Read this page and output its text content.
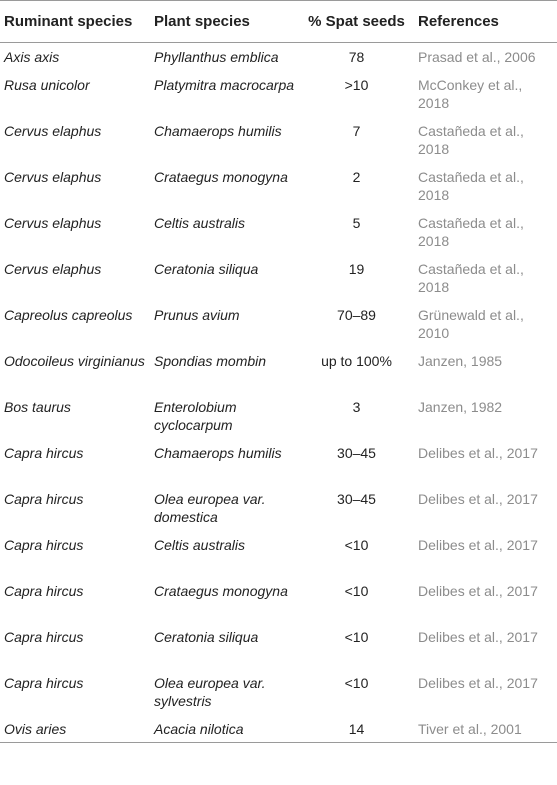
Ruminant species	Plant species	% Spat seeds	References
Axis axis	Phyllanthus emblica	78	Prasad et al., 2006
Rusa unicolor	Platymitra macrocarpa	>10	McConkey et al., 2018
Cervus elaphus	Chamaerops humilis	7	Castañeda et al., 2018
Cervus elaphus	Crataegus monogyna	2	Castañeda et al., 2018
Cervus elaphus	Celtis australis	5	Castañeda et al., 2018
Cervus elaphus	Ceratonia siliqua	19	Castañeda et al., 2018
Capreolus capreolus	Prunus avium	70–89	Grünewald et al., 2010
Odocoileus virginianus	Spondias mombin	up to 100%	Janzen, 1985
Bos taurus	Enterolobium cyclocarpum	3	Janzen, 1982
Capra hircus	Chamaerops humilis	30–45	Delibes et al., 2017
Capra hircus	Olea europea var. domestica	30–45	Delibes et al., 2017
Capra hircus	Celtis australis	<10	Delibes et al., 2017
Capra hircus	Crataegus monogyna	<10	Delibes et al., 2017
Capra hircus	Ceratonia siliqua	<10	Delibes et al., 2017
Capra hircus	Olea europea var. sylvestris	<10	Delibes et al., 2017
Ovis aries	Acacia nilotica	14	Tiver et al., 2001
